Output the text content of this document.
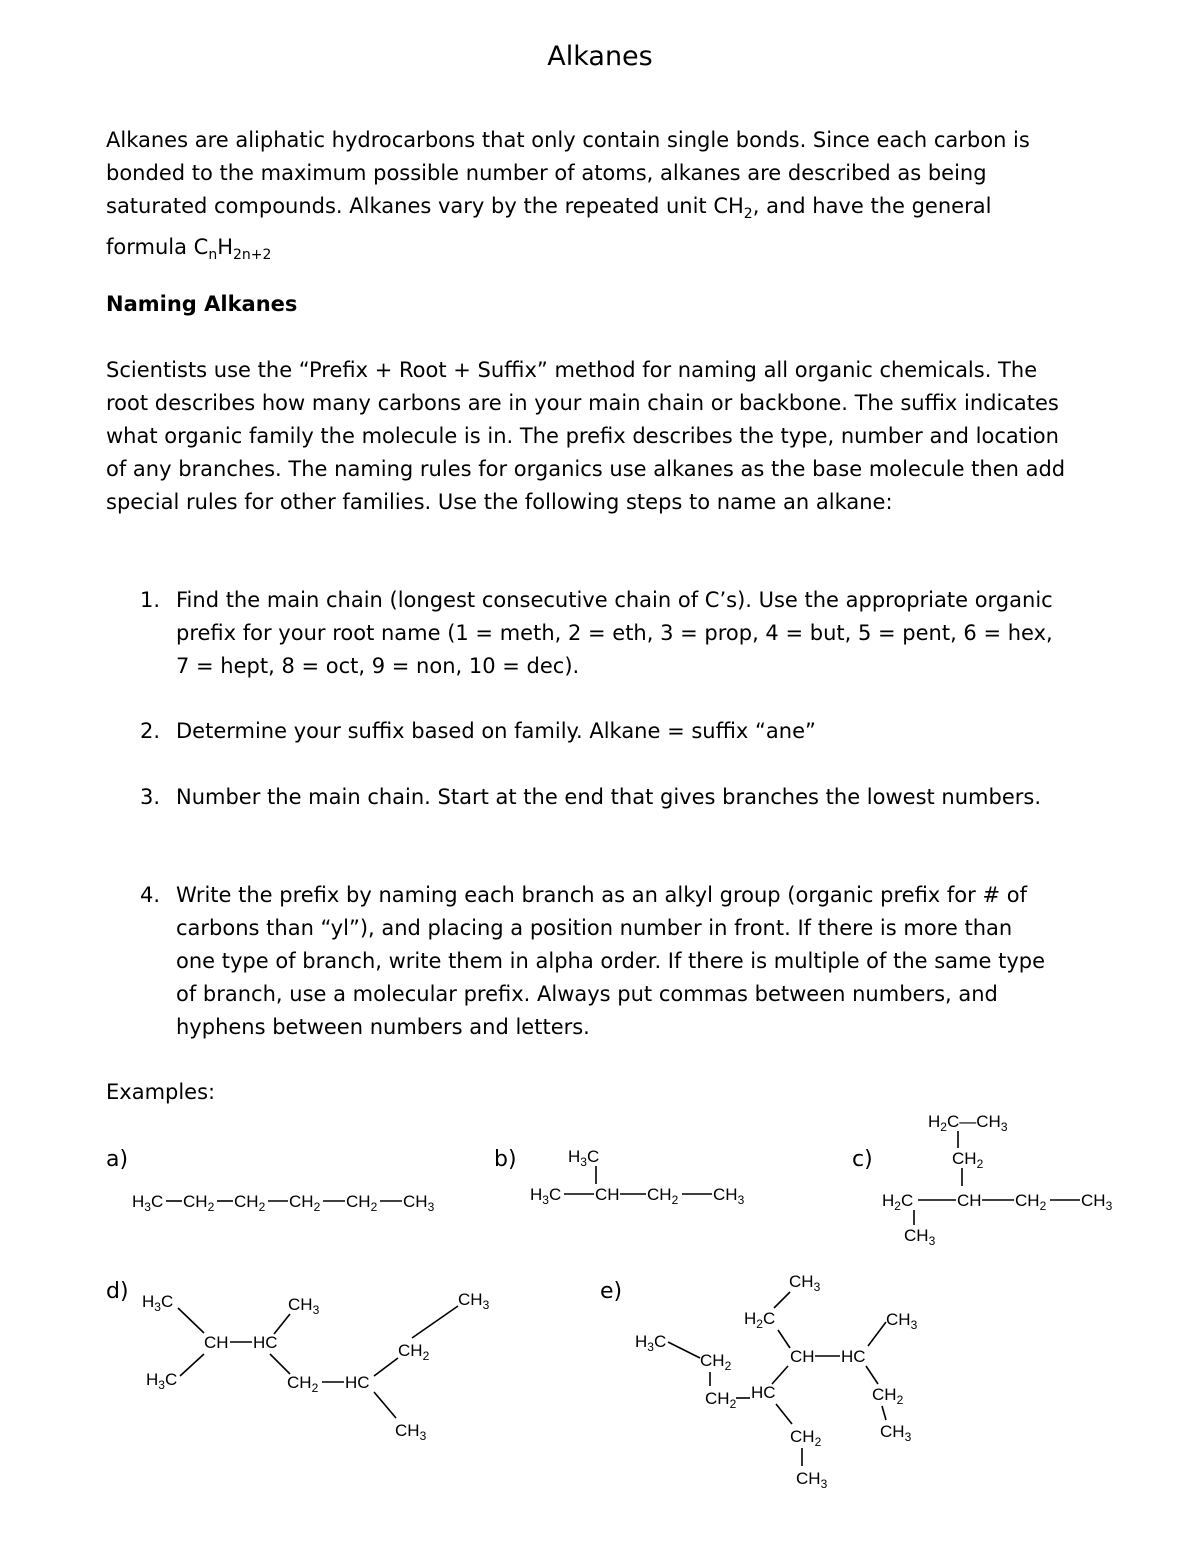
Alkanes

Alkanes are aliphatic hydrocarbons that only contain single bonds. Since each carbon is bonded to the maximum possible number of atoms, alkanes are described as being saturated compounds. Alkanes vary by the repeated unit $CH_2$, and have the general formula $C_nH_{2n+2}$

Naming Alkanes

Scientists use the “Prefix + Root + Suffix” method for naming all organic chemicals. The root describes how many carbons are in your main chain or backbone. The suffix indicates what organic family the molecule is in. The prefix describes the type, number and location of any branches. The naming rules for organics use alkanes as the base molecule then add special rules for other families. Use the following steps to name an alkane:

1. Find the main chain (longest consecutive chain of C’s). Use the appropriate organic prefix for your root name (1 = meth, 2 = eth, 3 = prop, 4 = but, 5 = pent, 6 = hex, 7 = hept, 8 = oct, 9 = non, 10 = dec).
2. Determine your suffix based on family. Alkane = suffix “ane”
3. Number the main chain. Start at the end that gives branches the lowest numbers.
4. Write the prefix by naming each branch as an alkyl group (organic prefix for # of carbons than “yl”), and placing a position number in front. If there is more than one type of branch, write them in alpha order. If there is multiple of the same type of branch, use a molecular prefix. Always put commas between numbers, and hyphens between numbers and letters.
Examples:
a)	b)	c)
d)	e)
$H_3C$ $CH_2$ $CH_2$ $CH_2$ $CH_2$ $CH_3$
$H_3C$
$H_3C$ CH $CH_2$ $CH_3$
$H_2C—CH_3$
$CH_2$
$H_2C$	CH $CH_2$ $CH_3$
$CH_3$
$H_3C$
CH HC
$H_3C$
$CH_3$
$CH_2$ HC
$CH_2$
$CH_3$
$CH_3$
$CH_3$
$H_2C$
$H_3C$
$CH_2$	CH HC
$CH_3$
$CH_2$
HC	$CH_2$
$CH_3$
$CH_2$
$CH_3$
